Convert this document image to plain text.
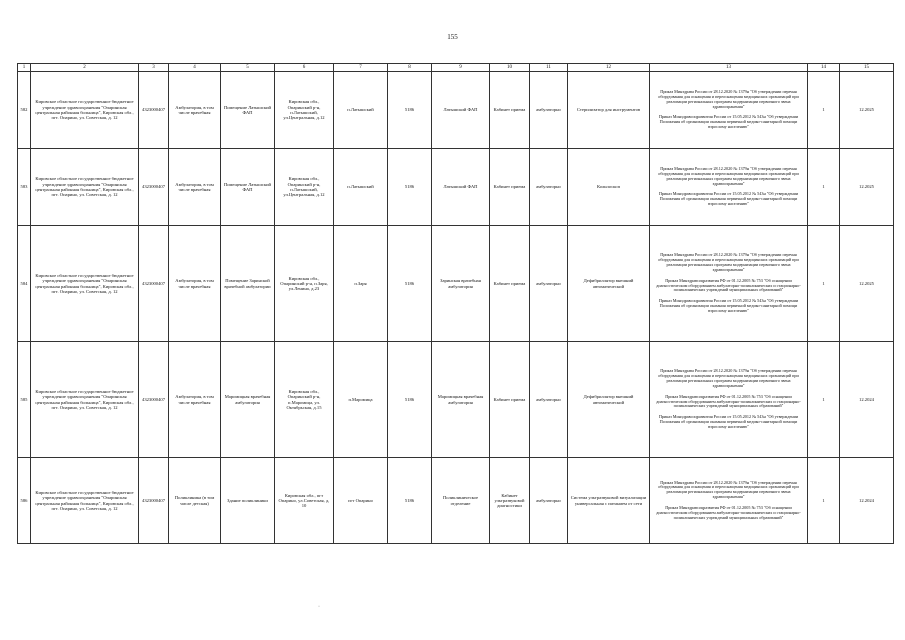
155
1	2	3	4	5	6	7	8	9	10	11	12	13	14	15
582	Кировское областное государственное бюджетное учреждение здравоохранения "Опаринская центральная районная больница", Кировская обл., пгт. Опарино, ул. Советская, д. 12	4323000407	Амбулатория, в том числе врачебная	Помещение Латышский ФАП	Кировская обл., Опаринский р-н, п.Латышский, ул.Центральная, д.12	п.Латышский	5186	Латышский ФАП	Кабинет приема	амбулаторно	Стерилизатор для инструментов	Приказ Минздрава России от 28.12.2020 № 1379н "Об утверждении перечня оборудования для оснащения и переоснащения медицинских организаций при реализации региональных программ модернизации первичного звена здравоохранения"
Приказ Минздравсоцразвития России от 15.05.2012 № 543н "Об утверждении Положения об организации оказания первичной медико-санитарной помощи взрослому населению"	1	12.2025
583	Кировское областное государственное бюджетное учреждение здравоохранения "Опаринская центральная районная больница", Кировская обл., пгт. Опарино, ул. Советская, д. 12	4323000407	Амбулатория, в том числе врачебная	Помещение Латышский ФАП	Кировская обл., Опаринский р-н, п.Латышский, ул.Центральная, д.12	п.Латышский	5186	Латышский ФАП	Кабинет приема	амбулаторно	Кольпоскоп	Приказ Минздрава России от 28.12.2020 № 1379н "Об утверждении перечня оборудования для оснащения и переоснащения медицинских организаций при реализации региональных программ модернизации первичного звена здравоохранения"
Приказ Минздравсоцразвития России от 15.05.2012 № 543н "Об утверждении Положения об организации оказания первичной медико-санитарной помощи взрослому населению"	1	12.2025
584	Кировское областное государственное бюджетное учреждение здравоохранения "Опаринская центральная районная больница", Кировская обл., пгт. Опарино, ул. Советская, д. 12	4323000407	Амбулатория, в том числе врачебная	Помещение Заринской врачебной амбулатории	Кировская обл., Опаринский р-н, п.Заря, ул.Ленина, д.23	п.Заря	5186	Заринская врачебная амбулатория	Кабинет приема	амбулаторно	Дефибриллятор внешний автоматический	Приказ Минздрава России от 28.12.2020 № 1379н "Об утверждении перечня оборудования для оснащения и переоснащения медицинских организаций при реализации региональных программ модернизации первичного звена здравоохранения"
Приказ Минздравсоцразвития РФ от 01.12.2005 № 753 "Об оснащении диагностическим оборудованием амбулаторно-поликлинических и стационарно-поликлинических учреждений муниципальных образований"
Приказ Минздравсоцразвития России от 15.05.2012 № 543н "Об утверждении Положения об организации оказания первичной медико-санитарной помощи взрослому населению"	1	12.2025
585	Кировское областное государственное бюджетное учреждение здравоохранения "Опаринская центральная районная больница", Кировская обл., пгт. Опарино, ул. Советская, д. 12	4323000407	Амбулатория, в том числе врачебная	Маромицкая врачебная амбулатория	Кировская обл., Опаринский р-н, п.Маромица, ул. Октябрьская, д.15	п.Маромица	5186	Маромицкая врачебная амбулатория	Кабинет приема	амбулаторно	Дефибриллятор внешний автоматический	Приказ Минздрава России от 28.12.2020 № 1379н "Об утверждении перечня оборудования для оснащения и переоснащения медицинских организаций при реализации региональных программ модернизации первичного звена здравоохранения"
Приказ Минздравсоцразвития РФ от 01.12.2005 № 753 "Об оснащении диагностическим оборудованием амбулаторно-поликлинических и стационарно-поликлинических учреждений муниципальных образований"
Приказ Минздравсоцразвития России от 15.05.2012 № 543н "Об утверждении Положения об организации оказания первичной медико-санитарной помощи взрослому населению"	1	12.2024
586	Кировское областное государственное бюджетное учреждение здравоохранения "Опаринская центральная районная больница", Кировская обл., пгт. Опарино, ул. Советская, д. 12	4323000407	Поликлиника (в том числе детская)	Здание поликлиники	Кировская обл., пгт Опарино, ул.Советская, д. 10	пгт Опарино	5186	Поликлиническое отделение	Кабинет ультразвуковой диагностики	амбулаторно	Система ультразвуковой визуализации универсальная с питанием от сети	Приказ Минздрава России от 28.12.2020 № 1379н "Об утверждении перечня оборудования для оснащения и переоснащения медицинских организаций при реализации региональных программ модернизации первичного звена здравоохранения"
Приказ Минздравсоцразвития РФ от 01.12.2005 № 753 "Об оснащении диагностическим оборудованием амбулаторно-поликлинических и стационарно-поликлинических учреждений муниципальных образований"	1	12.2024
·
